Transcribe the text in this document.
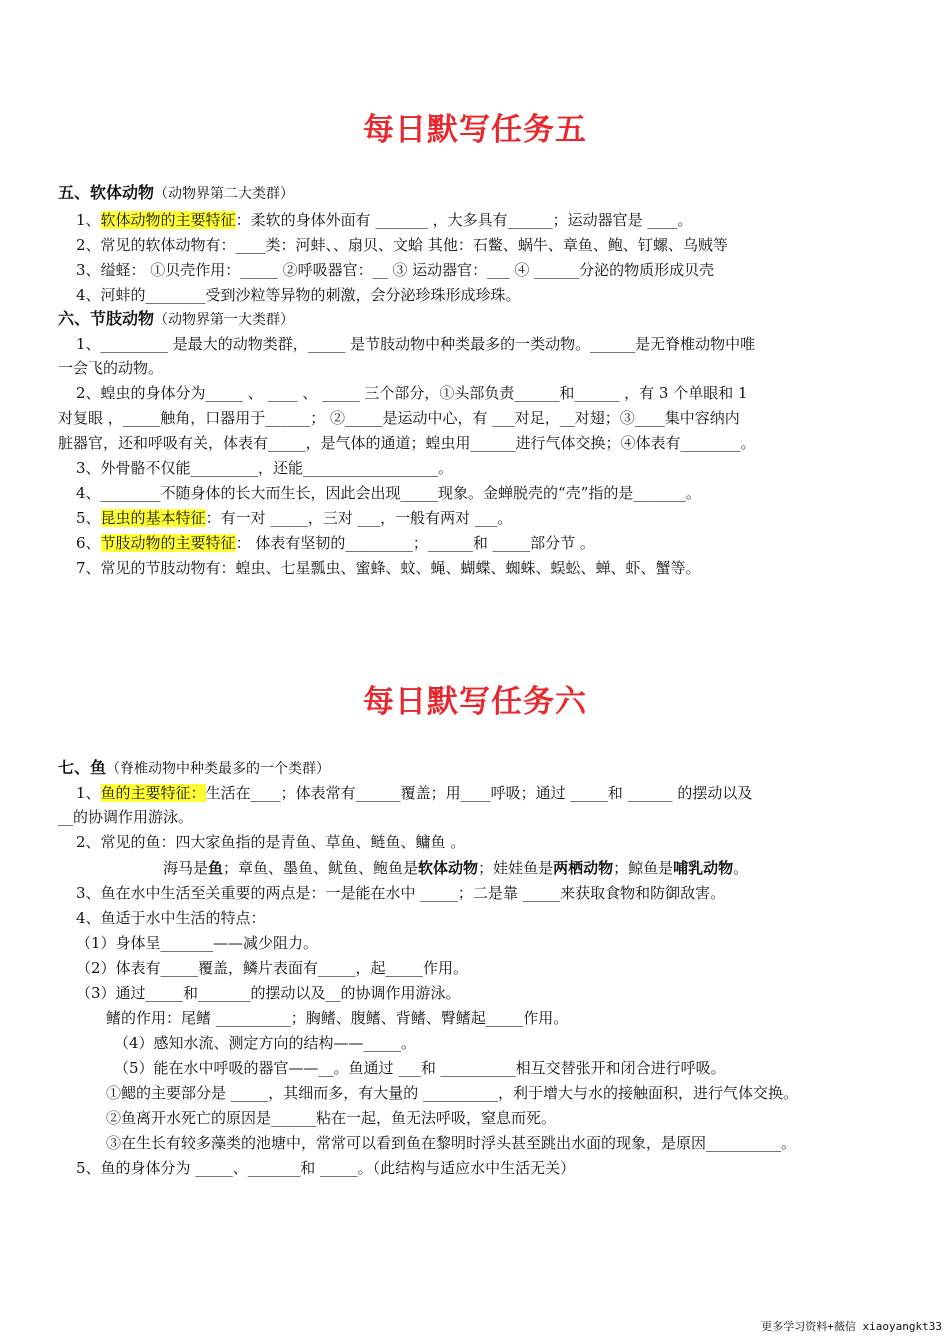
每日默写任务五
五、软体动物（动物界第二大类群）
1、软体动物的主要特征：柔软的身体外面有 _______ ，大多具有______；运动器官是 ____。
2、常见的软体动物有：____类：河蚌、、扇贝、文蛤 其他：石鳖、蜗牛、章鱼、鲍、钉螺、乌贼等
3、缢蛏： ①贝壳作用：_____ ②呼吸器官：__ ③ 运动器官：___ ④ ______分泌的物质形成贝壳
4、河蚌的________受到沙粒等异物的刺激，会分泌珍珠形成珍珠。
六、节肢动物（动物界第一大类群）
1、_________ 是最大的动物类群，_____ 是节肢动物中种类最多的一类动物。______是无脊椎动物中唯
一会飞的动物。
2、蝗虫的身体分为_____ 、 ____ 、 _____ 三个部分，①头部负责______和______ ，有 3 个单眼和 1
对复眼 ，_____触角，口器用于______； ②_____是运动中心，有 ___对足，__对翅；③____集中容纳内
脏器官，还和呼吸有关，体表有_____，是气体的通道；蝗虫用______进行气体交换；④体表有________。
3、外骨骼不仅能_________，还能__________________。
4、________不随身体的长大而生长，因此会出现_____现象。金蝉脱壳的“壳”指的是_______。
5、昆虫的基本特征：有一对 _____，三对 ___，一般有两对 ___。
6、节肢动物的主要特征： 体表有坚韧的_________；______和 _____部分节 。
7、常见的节肢动物有：蝗虫、七星瓢虫、蜜蜂、蚊、蝇、蝴蝶、蜘蛛、蜈蚣、蝉、虾、蟹等。
每日默写任务六
七、鱼（脊椎动物中种类最多的一个类群）
1、鱼的主要特征：生活在____；体表常有______覆盖；用____呼吸；通过 _____和 ______ 的摆动以及
__的协调作用游泳。
2、常见的鱼：四大家鱼指的是青鱼、草鱼、鲢鱼、鳙鱼 。
海马是鱼；章鱼、墨鱼、鱿鱼、鲍鱼是软体动物；娃娃鱼是两栖动物；鲸鱼是哺乳动物。
3、鱼在水中生活至关重要的两点是：一是能在水中 _____；二是靠 _____来获取食物和防御敌害。
4、鱼适于水中生活的特点：
（1）身体呈_______——减少阻力。
（2）体表有_____覆盖，鳞片表面有_____，起_____作用。
（3）通过_____和_______的摆动以及__的协调作用游泳。
鳍的作用：尾鳍 __________；胸鳍、腹鳍、背鳍、臀鳍起_____作用。
（4）感知水流、测定方向的结构——_____。
（5）能在水中呼吸的器官——__。鱼通过 ___和 __________相互交替张开和闭合进行呼吸。
①鳃的主要部分是 _____，其细而多，有大量的 __________，利于增大与水的接触面积，进行气体交换。
②鱼离开水死亡的原因是______粘在一起，鱼无法呼吸，窒息而死。
③在生长有较多藻类的池塘中，常常可以看到鱼在黎明时浮头甚至跳出水面的现象，是原因__________。
5、鱼的身体分为 _____、_______和 _____。（此结构与适应水中生活无关）
更多学习资料+薇信 xiaoyangkt33
